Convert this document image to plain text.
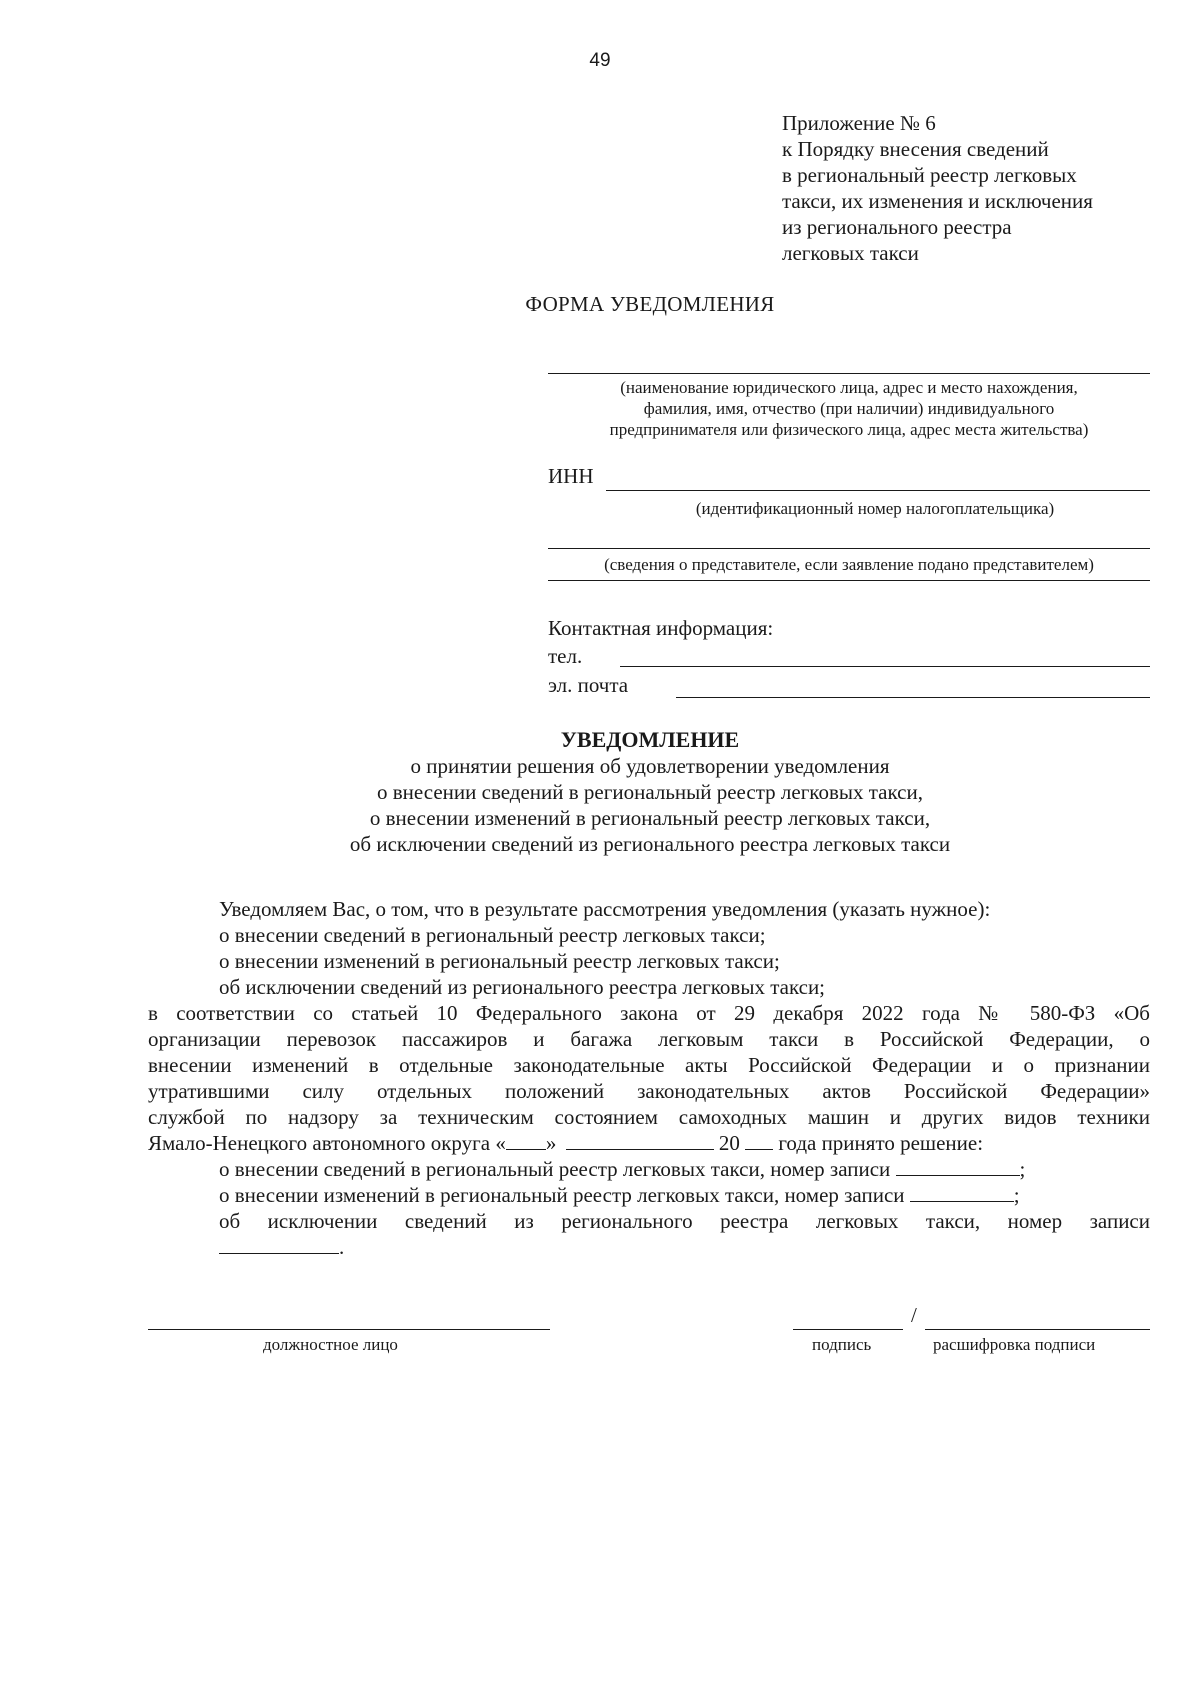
49
Приложение № 6
к Порядку внесения сведений
в региональный реестр легковых
такси, их изменения и исключения
из регионального реестра
легковых такси
ФОРМА УВЕДОМЛЕНИЯ
(наименование юридического лица, адрес и место нахождения,
фамилия, имя, отчество (при наличии) индивидуального
предпринимателя или физического лица, адрес места жительства)
ИНН
(идентификационный номер налогоплательщика)
(сведения о представителе, если заявление подано представителем)
Контактная информация:
тел.
эл. почта
УВЕДОМЛЕНИЕ
о принятии решения об удовлетворении уведомления
о внесении сведений в региональный реестр легковых такси,
о внесении изменений в региональный реестр легковых такси,
об исключении сведений из регионального реестра легковых такси
Уведомляем Вас, о том, что в результате рассмотрения уведомления (указать нужное):
о внесении сведений в региональный реестр легковых такси;
о внесении изменений в региональный реестр легковых такси;
об исключении сведений из регионального реестра легковых такси;
в соответствии со статьей 10 Федерального закона от 29 декабря 2022 года № 580-ФЗ «Об
организации перевозок пассажиров и багажа легковым такси в Российской Федерации, о
внесении изменений в отдельные законодательные акты Российской Федерации и о признании
утратившими силу отдельных положений законодательных актов Российской Федерации»
службой по надзору за техническим состоянием самоходных машин и других видов техники
Ямало-Ненецкого автономного округа « »	20 года принято решение:
о внесении сведений в региональный реестр легковых такси, номер записи	;
о внесении изменений в региональный реестр легковых такси, номер записи	;
об исключении сведений из регионального реестра легковых такси, номер записи
.
должностное лицо
/
подпись	расшифровка подписи
